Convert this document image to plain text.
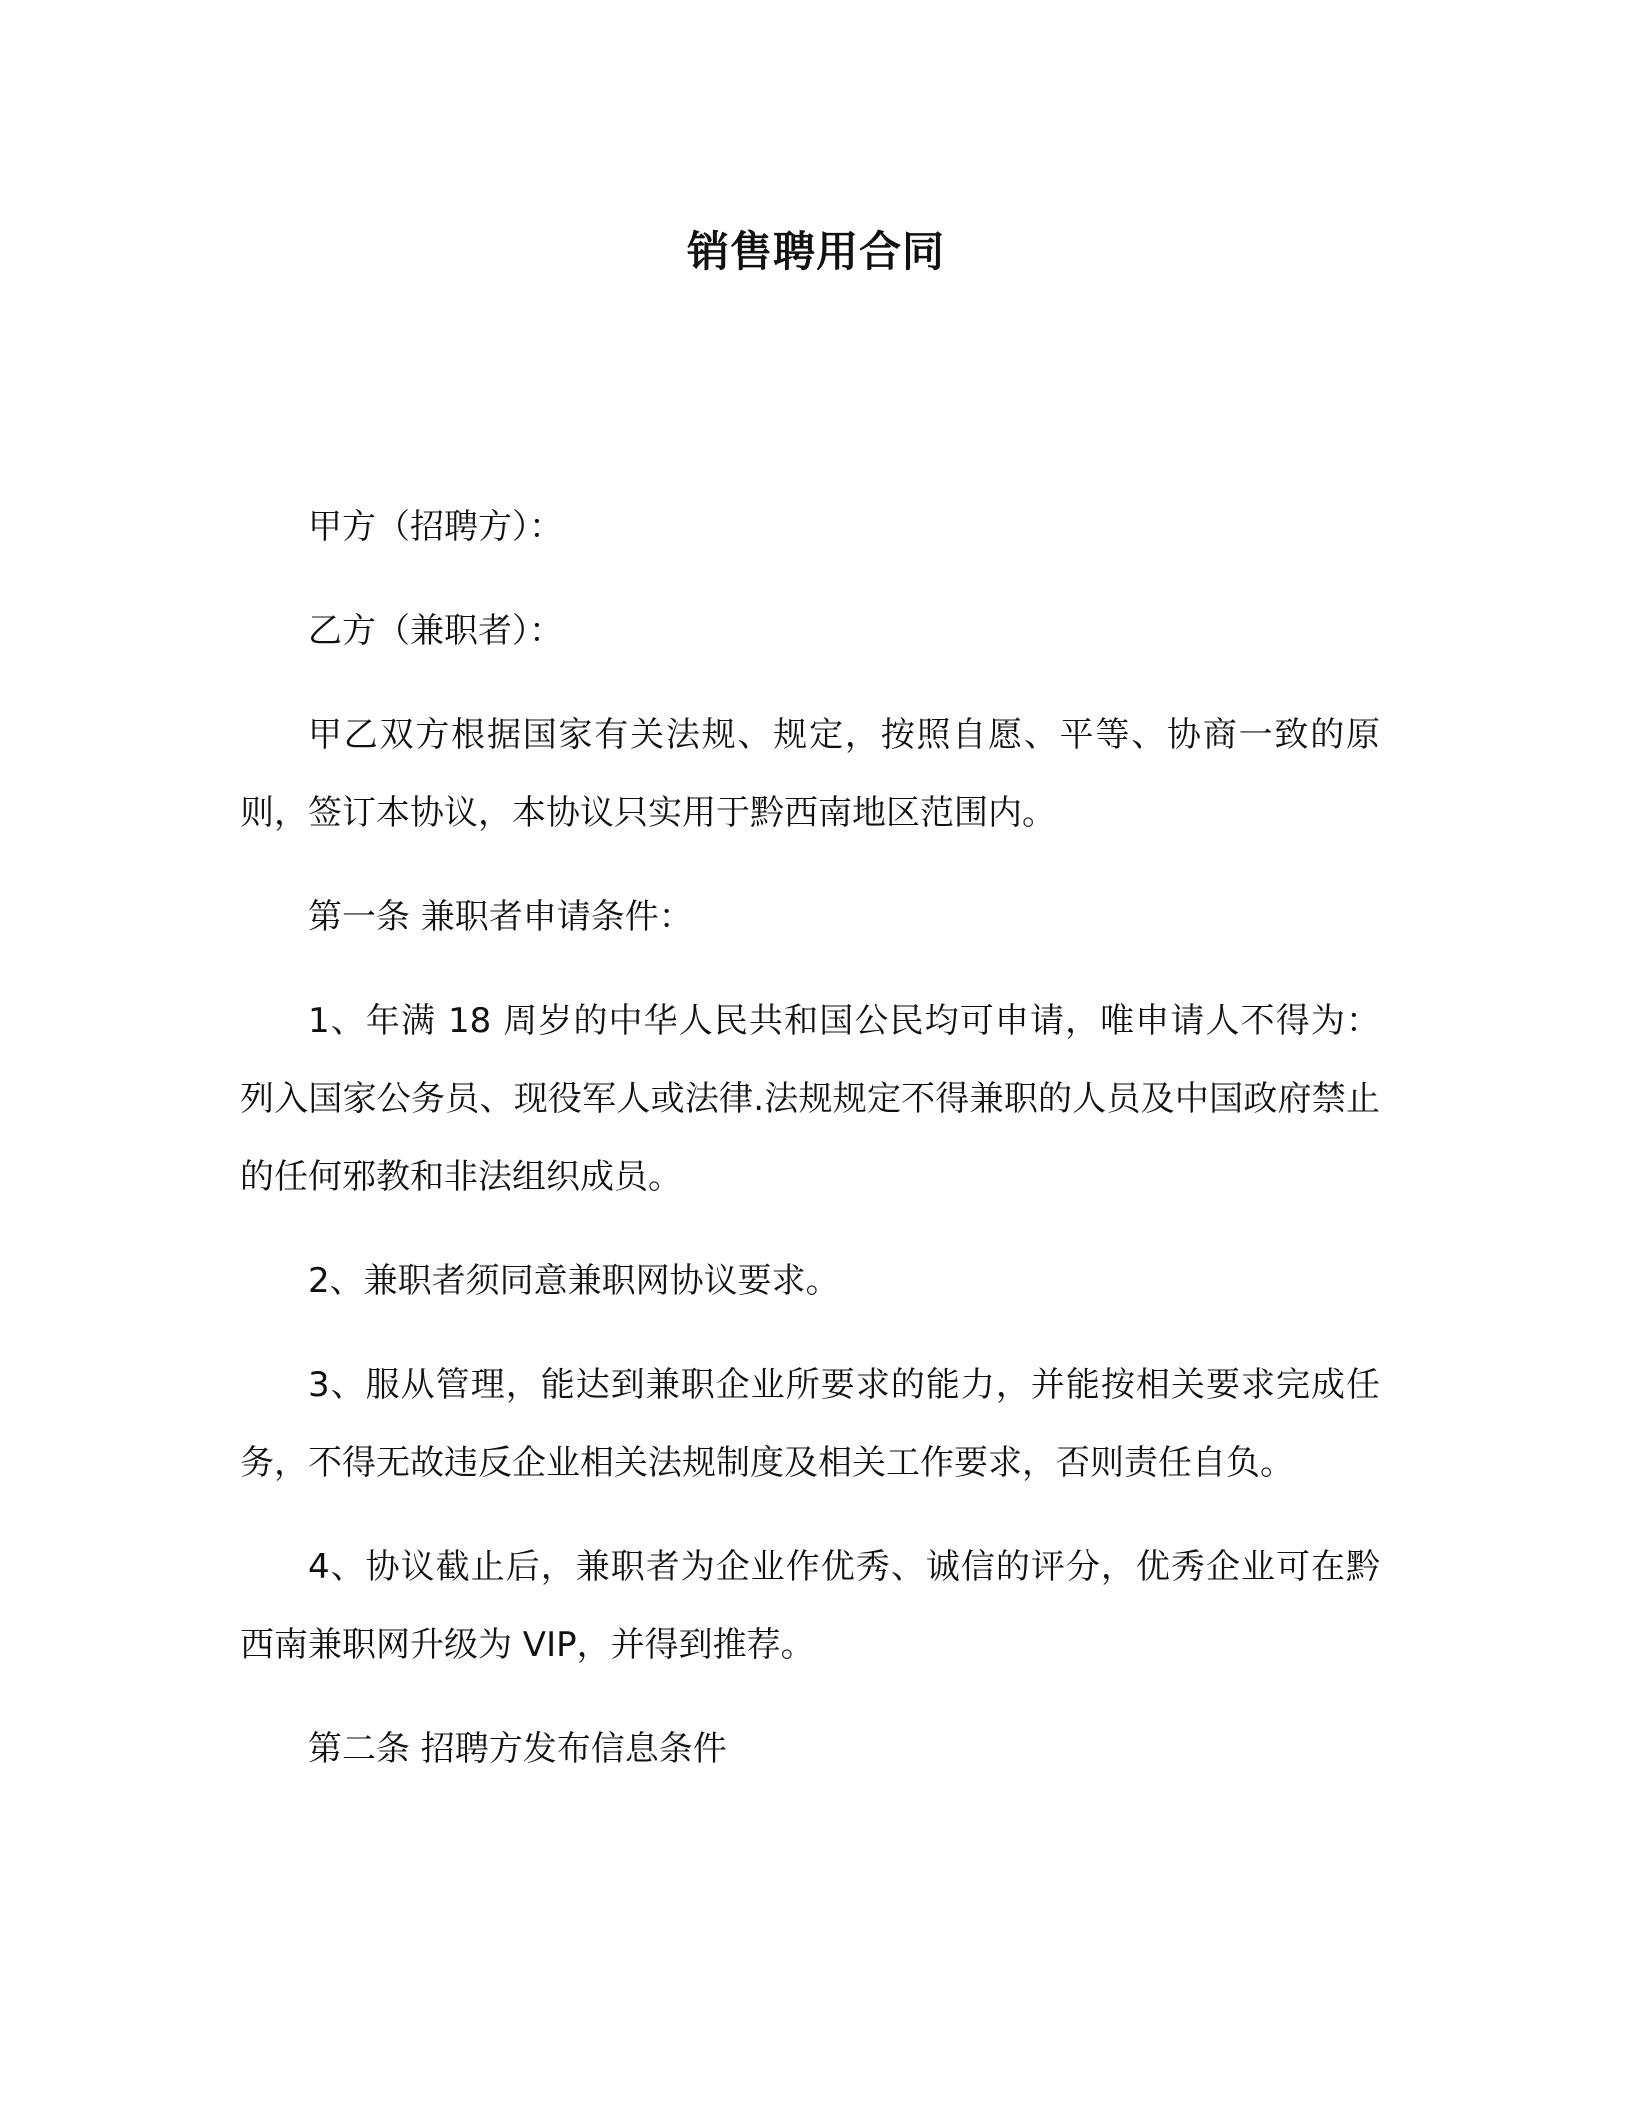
销售聘用合同

甲方（招聘方）：

乙方（兼职者）：

甲乙双方根据国家有关法规、规定，按照自愿、平等、协商一致的原则，签订本协议，本协议只实用于黔西南地区范围内。

第一条 兼职者申请条件：

1、年满 18 周岁的中华人民共和国公民均可申请，唯申请人不得为：列入国家公务员、现役军人或法律.法规规定不得兼职的人员及中国政府禁止的任何邪教和非法组织成员。

2、兼职者须同意兼职网协议要求。

3、服从管理，能达到兼职企业所要求的能力，并能按相关要求完成任务，不得无故违反企业相关法规制度及相关工作要求，否则责任自负。

4、协议截止后，兼职者为企业作优秀、诚信的评分，优秀企业可在黔西南兼职网升级为 VIP，并得到推荐。

第二条 招聘方发布信息条件
